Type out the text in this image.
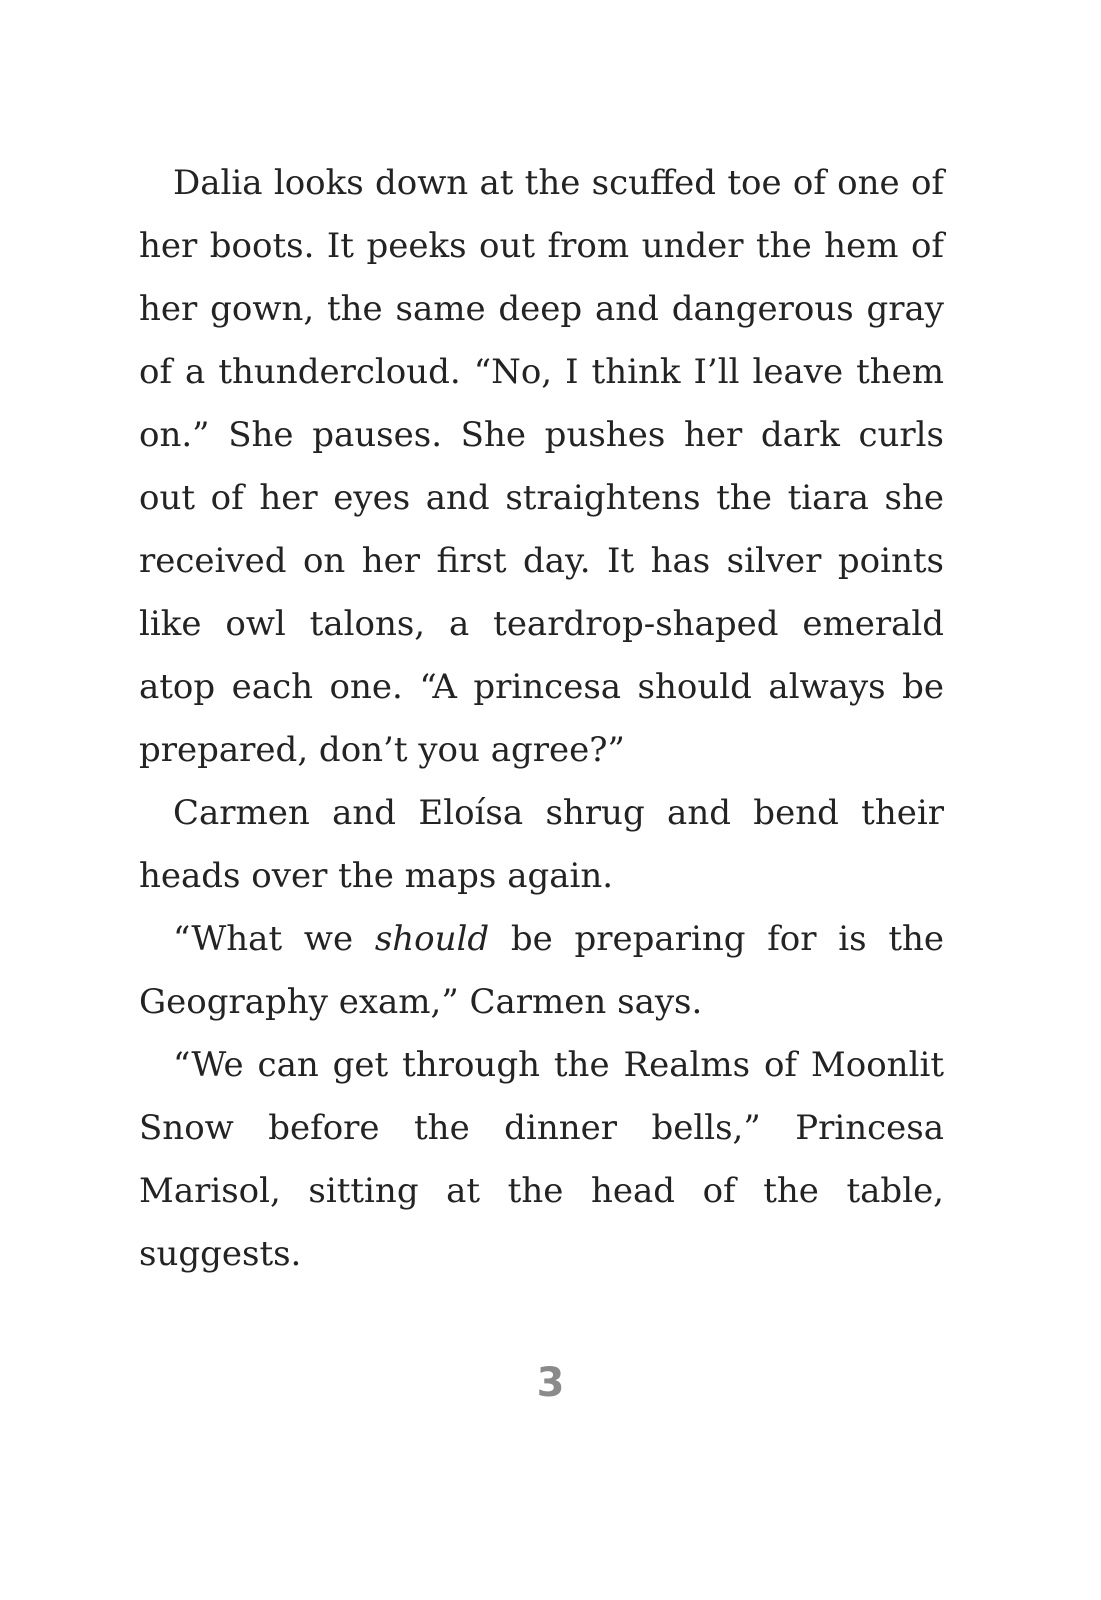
Dalia looks down at the scuffed toe of one of her boots. It peeks out from under the hem of her gown, the same deep and dangerous gray of a thundercloud. “No, I think I’ll leave them on.” She pauses. She pushes her dark curls out of her eyes and straightens the tiara she received on her first day. It has silver points like owl talons, a teardrop-shaped emerald atop each one. “A princesa should always be prepared, don’t you agree?”

Carmen and Eloísa shrug and bend their heads over the maps again.

“What we should be preparing for is the Geography exam,” Carmen says.

“We can get through the Realms of Moonlit Snow before the dinner bells,” Princesa Marisol, sitting at the head of the table, suggests.

3
